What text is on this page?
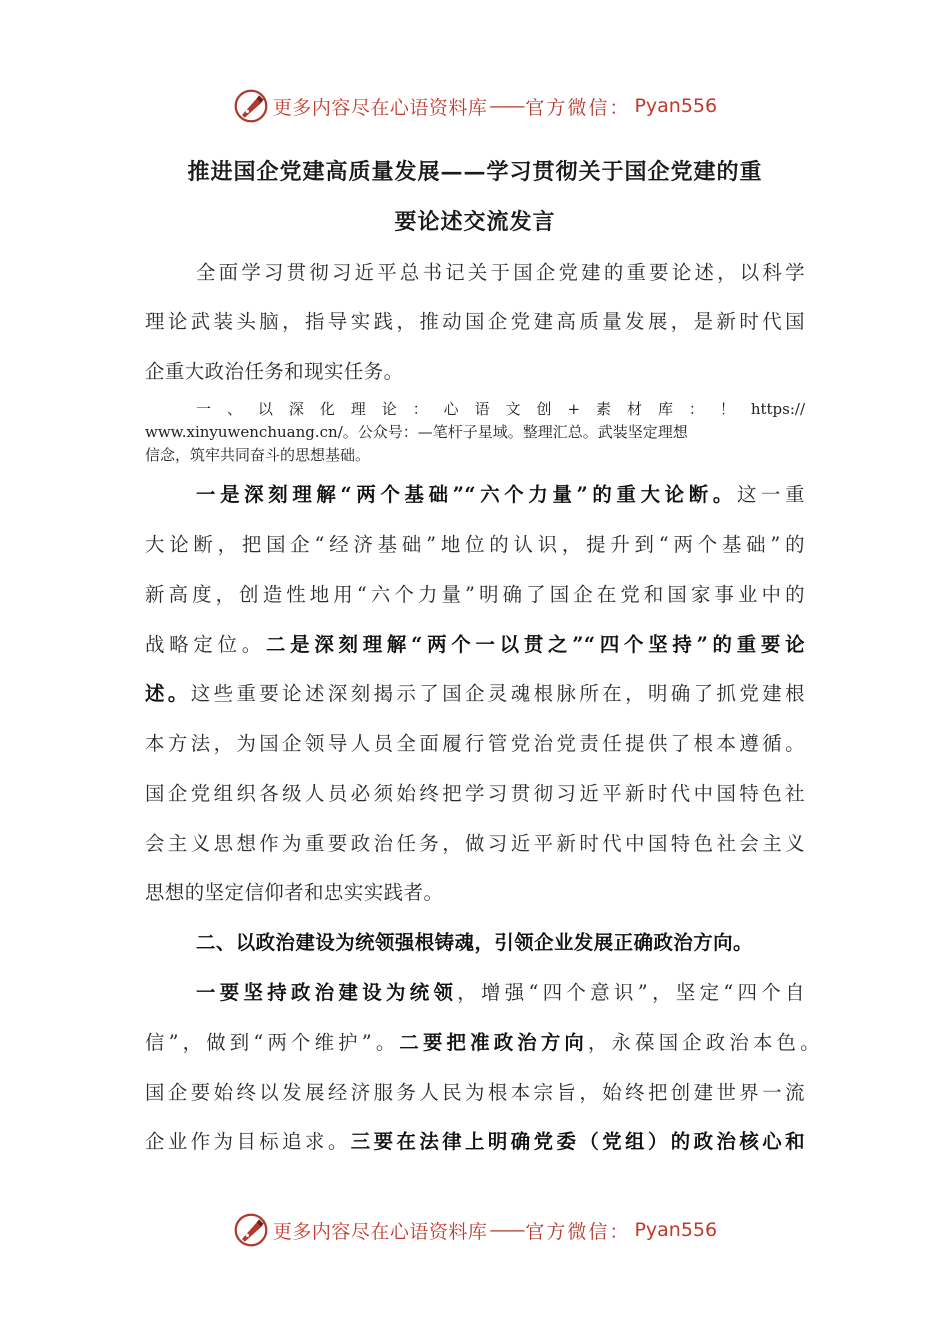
更多内容尽在心语资料库 —— 官方微信： Pyan556
推进国企党建高质量发展——学习贯彻关于国企党建的重
要论述交流发言
全面学习贯彻习近平总书记关于国企党建的重要论述，以科学
理论武装头脑，指导实践，推动国企党建高质量发展，是新时代国
企重大政治任务和现实任务。
一、以深化理论：心语文创+素材库：！https://
www.xinyuwenchuang.cn/。公众号：—笔杆子星域。整理汇总。武装坚定理想
信念，筑牢共同奋斗的思想基础。
一是深刻理解“两个基础”“六个力量”的重大论断。这一重
大论断，把国企“经济基础”地位的认识，提升到“两个基础”的
新高度，创造性地用“六个力量”明确了国企在党和国家事业中的
战略定位。二是深刻理解“两个一以贯之”“四个坚持”的重要论
述。这些重要论述深刻揭示了国企灵魂根脉所在，明确了抓党建根
本方法，为国企领导人员全面履行管党治党责任提供了根本遵循。
国企党组织各级人员必须始终把学习贯彻习近平新时代中国特色社
会主义思想作为重要政治任务，做习近平新时代中国特色社会主义
思想的坚定信仰者和忠实实践者。
二、以政治建设为统领强根铸魂，引领企业发展正确政治方向。
一要坚持政治建设为统领，增强“四个意识”，坚定“四个自
信”，做到“两个维护”。二要把准政治方向，永葆国企政治本色。
国企要始终以发展经济服务人民为根本宗旨，始终把创建世界一流
企业作为目标追求。三要在法律上明确党委（党组）的政治核心和
更多内容尽在心语资料库 —— 官方微信： Pyan556
